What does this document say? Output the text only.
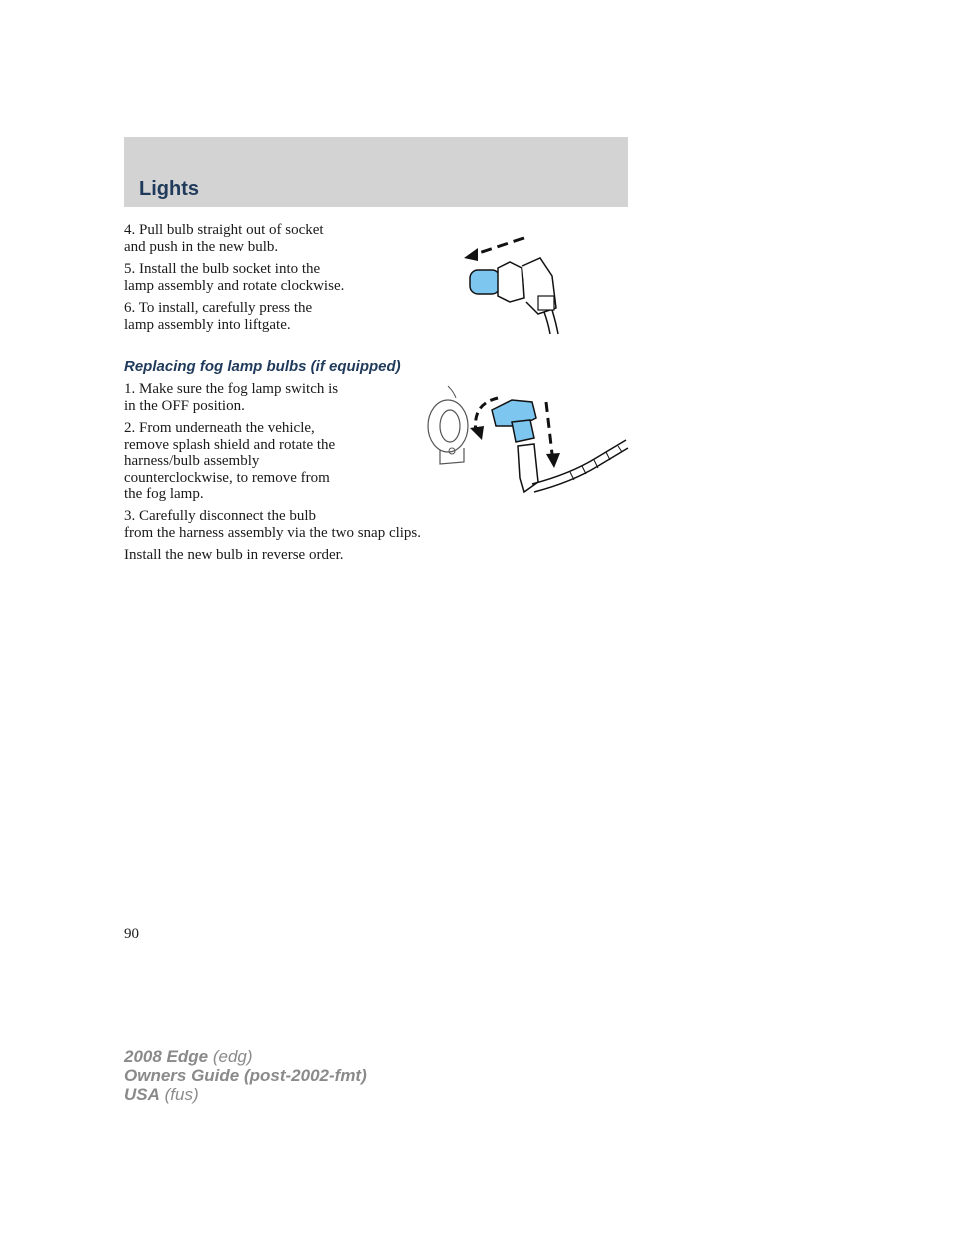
Lights

4. Pull bulb straight out of socket
and push in the new bulb.

5. Install the bulb socket into the
lamp assembly and rotate clockwise.

6. To install, carefully press the
lamp assembly into liftgate.

Replacing fog lamp bulbs (if equipped)

1. Make sure the fog lamp switch is
in the OFF position.

2. From underneath the vehicle,
remove splash shield and rotate the
harness/bulb assembly
counterclockwise, to remove from
the fog lamp.

3. Carefully disconnect the bulb
from the harness assembly via the two snap clips.

Install the new bulb in reverse order.

90
2008 Edge (edg)
Owners Guide (post-2002-fmt)
USA (fus)
